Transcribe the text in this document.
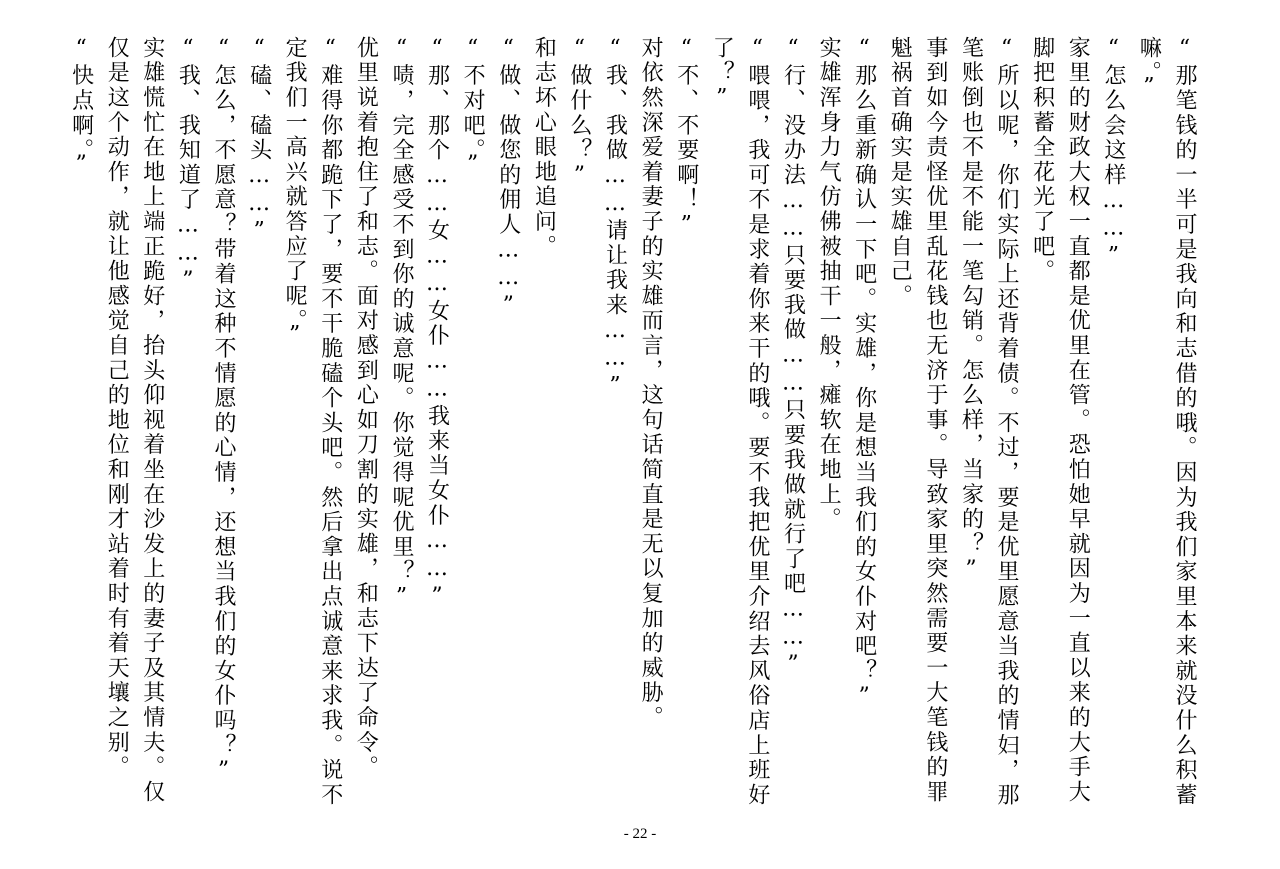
“那笔钱的一半可是我向和志借的哦。因为我们家里本来就没什么积蓄
嘛。”
“怎么会这样……”
家里的财政大权一直都是优里在管。恐怕她早就因为一直以来的大手大
脚把积蓄全花光了吧。
“所以呢，你们实际上还背着债。不过，要是优里愿意当我的情妇，那
笔账倒也不是不能一笔勾销。怎么样，当家的？”
事到如今责怪优里乱花钱也无济于事。导致家里突然需要一大笔钱的罪
魁祸首确实是实雄自己。
“那么重新确认一下吧。实雄，你是想当我们的女仆对吧？”
实雄浑身力气仿佛被抽干一般，瘫软在地上。
“行、没办法……只要我做……只要我做就行了吧……”
“喂喂，我可不是求着你来干的哦。要不我把优里介绍去风俗店上班好
了？”
“不、不要啊！”
对依然深爱着妻子的实雄而言，这句话简直是无以复加的威胁。
“我、我做……请让我来……”
“做什么？”
和志坏心眼地追问。
“做、做您的佣人……”
“不对吧。”
“那、那个……女……女仆……我来当女仆……”
“啧，完全感受不到你的诚意呢。你觉得呢优里？”
优里说着抱住了和志。面对感到心如刀割的实雄，和志下达了命令。
“难得你都跪下了，要不干脆磕个头吧。然后拿出点诚意来求我。说不
定我们一高兴就答应了呢。”
“磕、磕头……”
“怎么，不愿意？带着这种不情愿的心情，还想当我们的女仆吗？”
“我、我知道了……”
实雄慌忙在地上端正跪好，抬头仰视着坐在沙发上的妻子及其情夫。仅
仅是这个动作，就让他感觉自己的地位和刚才站着时有着天壤之别。
“快点啊。”
- 22 -
